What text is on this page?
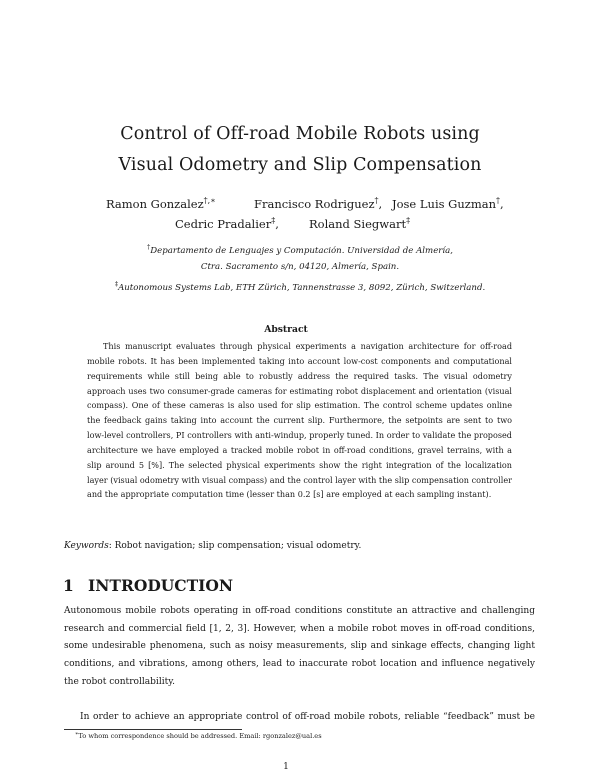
Control of Off-road Mobile Robots using
Visual Odometry and Slip Compensation
Ramon Gonzalez†,∗	Francisco Rodriguez†, Jose Luis Guzman†,
Cedric Pradalier‡,	Roland Siegwart‡
†Departamento de Lenguajes y Computación. Universidad de Almería,
Ctra. Sacramento s/n, 04120, Almería, Spain.
‡Autonomous Systems Lab, ETH Zürich, Tannenstrasse 3, 8092, Zürich, Switzerland.
Abstract
This manuscript evaluates through physical experiments a navigation architecture for off-road mobile robots. It has been implemented taking into account low-cost components and computational requirements while still being able to robustly address the required tasks. The visual odometry approach uses two consumer-grade cameras for estimating robot displacement and orientation (visual compass). One of these cameras is also used for slip estimation. The control scheme updates online the feedback gains taking into account the current slip. Furthermore, the setpoints are sent to two low-level controllers, PI controllers with anti-windup, properly tuned. In order to validate the proposed architecture we have employed a tracked mobile robot in off-road conditions, gravel terrains, with a slip around 5 [%]. The selected physical experiments show the right integration of the localization layer (visual odometry with visual compass) and the control layer with the slip compensation controller and the appropriate computation time (lesser than 0.2 [s] are employed at each sampling instant).
Keywords: Robot navigation; slip compensation; visual odometry.
1 INTRODUCTION
Autonomous mobile robots operating in off-road conditions constitute an attractive and challenging research and commercial field [1, 2, 3]. However, when a mobile robot moves in off-road conditions, some undesirable phenomena, such as noisy measurements, slip and sinkage effects, changing light conditions, and vibrations, among others, lead to inaccurate robot location and influence negatively the robot controllability.
In order to achieve an appropriate control of off-road mobile robots, reliable “feedback” must be
∗To whom correspondence should be addressed. Email: rgonzalez@ual.es
1
